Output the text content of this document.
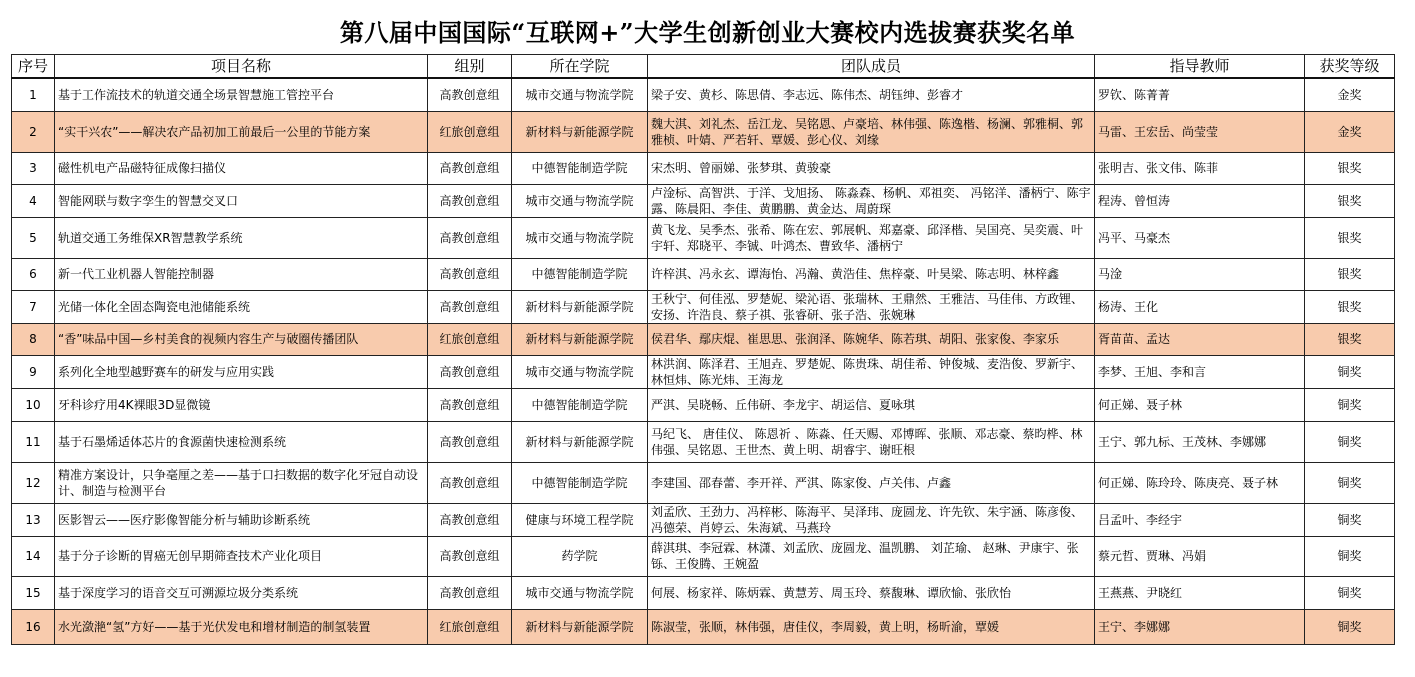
第八届中国国际“互联网+”大学生创新创业大赛校内选拔赛获奖名单
序号	项目名称	组别	所在学院	团队成员	指导教师	获奖等级

1	基于工作流技术的轨道交通全场景智慧施工管控平台	高教创意组	城市交通与物流学院	梁子安、黄杉、陈思倩、李志远、陈伟杰、胡钰绅、彭睿才	罗钦、陈菁菁	金奖

2	“实干兴农”——解决农产品初加工前最后一公里的节能方案	红旅创意组	新材料与新能源学院	魏大淇、刘礼杰、岳江龙、吴铭恩、卢豪培、林伟强、陈逸楷、杨澜、郭雅桐、郭雅桢、叶婧、严若轩、覃媛、彭心仪、刘缘	马雷、王宏岳、尚莹莹	金奖

3	磁性机电产品磁特征成像扫描仪	高教创意组	中德智能制造学院	宋杰明、曾丽娣、张梦琪、黄骏豪	张明吉、张文伟、陈菲	银奖

4	智能网联与数字孪生的智慧交叉口	高教创意组	城市交通与物流学院	卢淦标、高智洪、于洋、戈旭扬、 陈淼森、杨帆、邓祖奕、 冯铭洋、潘柄宁、陈宇露、陈晨阳、李佳、黄鹏鹏、黄金达、周蔚琛	程涛、曾恒涛	银奖

5	轨道交通工务维保XR智慧教学系统	高教创意组	城市交通与物流学院	黄飞龙、吴季杰、张希、陈在宏、郭展帆、郑嘉豪、邱泽楷、吴国亮、吴奕震、叶宇轩、郑晓平、李铖、叶鸿杰、曹致华、潘柄宁	冯平、马豪杰	银奖

6	新一代工业机器人智能控制器	高教创意组	中德智能制造学院	许梓淇、冯永玄、谭海怡、冯瀚、黄浩佳、焦梓豪、叶昊梁、陈志明、林梓鑫	马淦	银奖

7	光储一体化全固态陶瓷电池储能系统	高教创意组	新材料与新能源学院	王秋宁、何佳泓、罗楚妮、梁沁语、张瑞林、王鼎然、王雅洁、马佳伟、方政锂、安扬、许浩良、蔡子祺、张睿研、张子浩、张婉琳	杨涛、王化	银奖

8	“香”味品中国—乡村美食的视频内容生产与破圈传播团队	红旅创意组	新材料与新能源学院	侯君华、鄢庆焜、崔思思、张润泽、陈婉华、陈若琪、胡阳、张家俊、李家乐	胥苗苗、孟达	银奖

9	系列化全地型越野赛车的研发与应用实践	高教创意组	城市交通与物流学院	林洪润、陈泽君、王旭垚、罗楚妮、陈贵珠、胡佳希、钟俊城、麦浩俊、罗新宇、林恒炜、陈光炜、王海龙	李梦、王旭、李和言	铜奖

10	牙科诊疗用4K裸眼3D显微镜	高教创意组	中德智能制造学院	严淇、吴晓畅、丘伟研、李龙宇、胡运信、夏咏琪	何正娣、聂子林	铜奖

11	基于石墨烯适体芯片的食源菌快速检测系统	高教创意组	新材料与新能源学院	马纪飞、 唐佳仪、 陈恩祈 、陈淼、任天赐、邓博晖、张顺、邓志豪、蔡昀桦、林伟强、吴铭恩、王世杰、黄上明、胡睿宇、谢旺根	王宁、郭九标、王茂林、李娜娜	铜奖

12	精准方案设计，只争毫厘之差——基于口扫数据的数字化牙冠自动设计、制造与检测平台	高教创意组	中德智能制造学院	李建国、邵春蕾、李开祥、严淇、陈家俊、卢关伟、卢鑫	何正娣、陈玲玲、陈庚亮、聂子林	铜奖

13	医影智云——医疗影像智能分析与辅助诊断系统	高教创意组	健康与环境工程学院	刘孟欣、王劲力、冯梓彬、陈海平、吴泽玮、庞圆龙、许先钦、朱宇涵、陈彦俊、冯德荣、肖婷云、朱海斌、马燕玲	吕孟叶、李经宇	铜奖

14	基于分子诊断的胃癌无创早期筛查技术产业化项目	高教创意组	药学院	薛淇琪、李冠霖、林潇、刘孟欣、庞圆龙、温凯鹏、 刘芷瑜、 赵琳、尹康宇、张铄、王俊腾、王婉盈	蔡元哲、贾琳、冯娟	铜奖

15	基于深度学习的语音交互可溯源垃圾分类系统	高教创意组	城市交通与物流学院	何展、杨家祥、陈炳霖、黄慧芳、周玉玲、蔡馥琳、谭欣愉、张欣怡	王燕燕、尹晓红	铜奖

16	水光潋滟“氢”方好——基于光伏发电和增材制造的制氢装置	红旅创意组	新材料与新能源学院	陈淑莹，张顺，林伟强，唐佳仪，李周毅，黄上明，杨昕渝，覃媛	王宁、李娜娜	铜奖
